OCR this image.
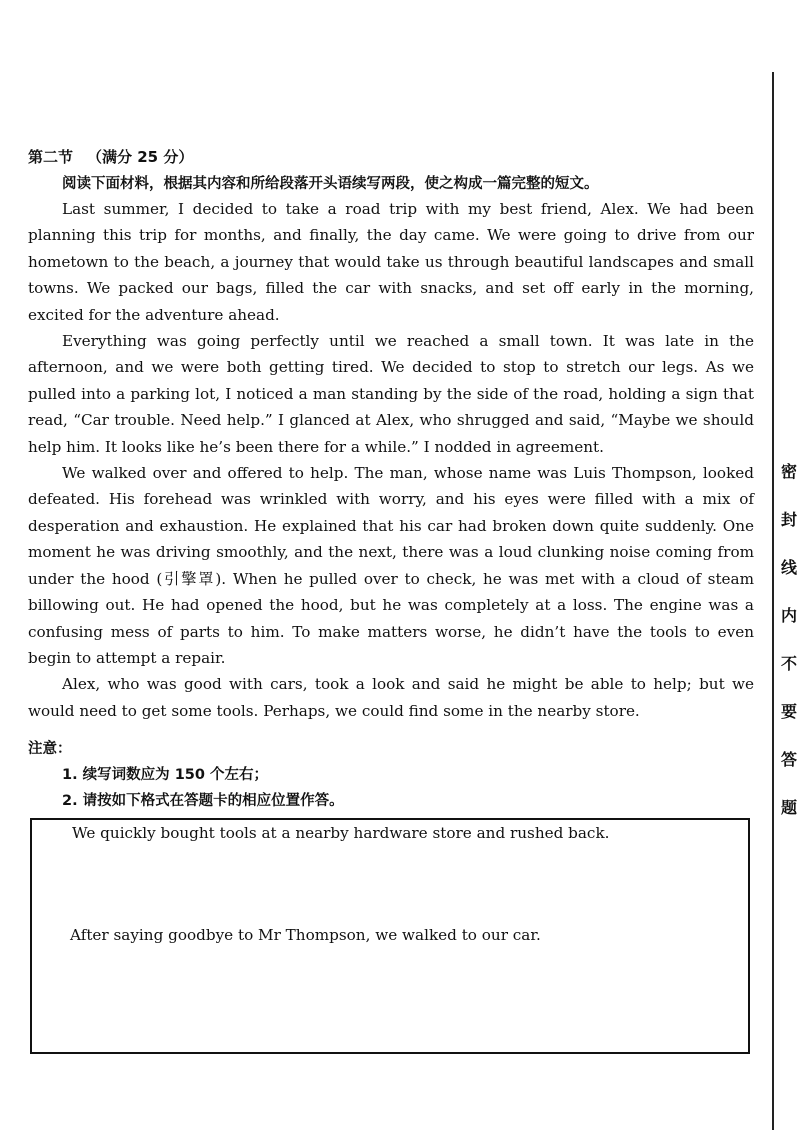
密
封
线
内
不
要
答
题
第二节 （满分 25 分）
阅读下面材料，根据其内容和所给段落开头语续写两段，使之构成一篇完整的短文。

Last summer, I decided to take a road trip with my best friend, Alex. We had been planning this trip for months, and finally, the day came. We were going to drive from our hometown to the beach, a journey that would take us through beautiful landscapes and small towns. We packed our bags, filled the car with snacks, and set off early in the morning, excited for the adventure ahead.

Everything was going perfectly until we reached a small town. It was late in the afternoon, and we were both getting tired. We decided to stop to stretch our legs. As we pulled into a parking lot, I noticed a man standing by the side of the road, holding a sign that read, “Car trouble. Need help.” I glanced at Alex, who shrugged and said, “Maybe we should help him. It looks like he’s been there for a while.” I nodded in agreement.

We walked over and offered to help. The man, whose name was Luis Thompson, looked defeated. His forehead was wrinkled with worry, and his eyes were filled with a mix of desperation and exhaustion. He explained that his car had broken down quite suddenly. One moment he was driving smoothly, and the next, there was a loud clunking noise coming from under the hood (引擎罩). When he pulled over to check, he was met with a cloud of steam billowing out. He had opened the hood, but he was completely at a loss. The engine was a confusing mess of parts to him. To make matters worse, he didn’t have the tools to even begin to attempt a repair.

Alex, who was good with cars, took a look and said he might be able to help; but we would need to get some tools. Perhaps, we could find some in the nearby store.

注意：
1. 续写词数应为 150 个左右；
2. 请按如下格式在答题卡的相应位置作答。
We quickly bought tools at a nearby hardware store and rushed back.
After saying goodbye to Mr Thompson, we walked to our car.
